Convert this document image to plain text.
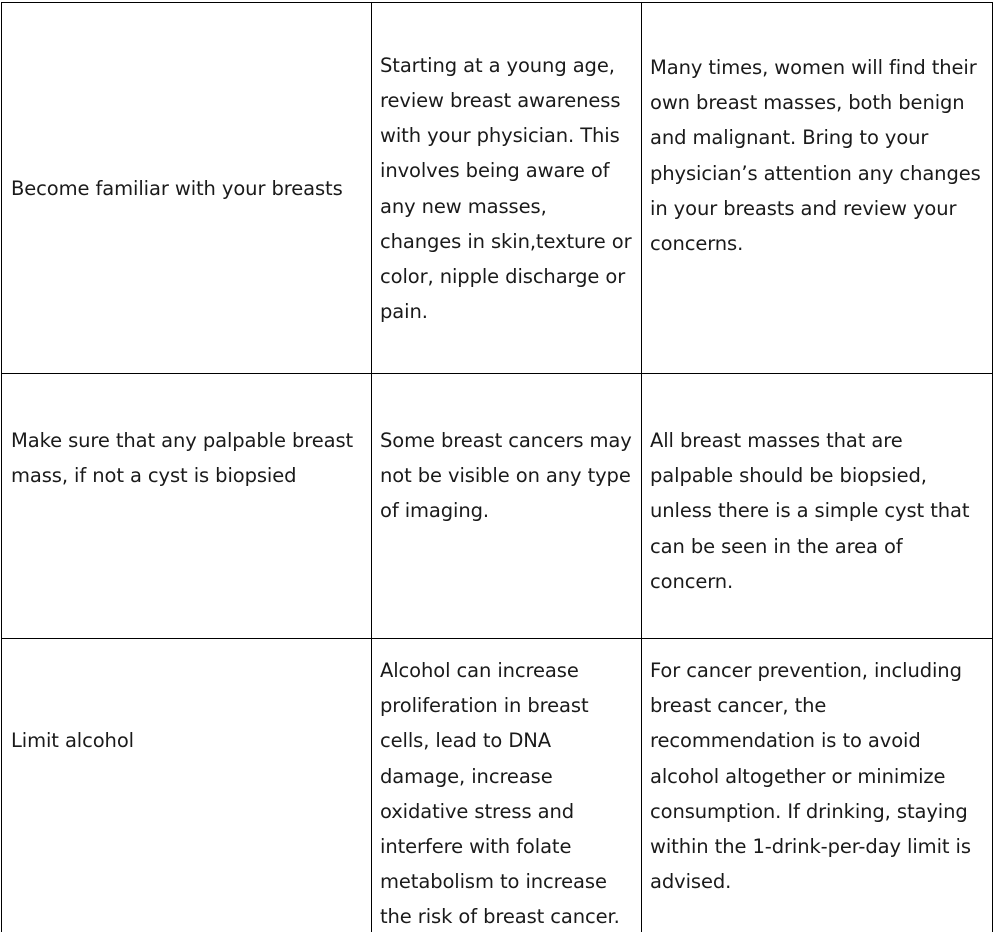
Become familiar with your breasts
Starting at a young age, review breast awareness with your physician. This involves being aware of any new masses, changes in skin,texture or color, nipple discharge or pain.
Many times, women will find their own breast masses, both benign and malignant. Bring to your physician’s attention any changes in your breasts and review your concerns.
Make sure that any palpable breast mass, if not a cyst is biopsied
Some breast cancers may not be visible on any type of imaging.
All breast masses that are palpable should be biopsied, unless there is a simple cyst that can be seen in the area of concern.
Limit alcohol
Alcohol can increase proliferation in breast cells, lead to DNA damage, increase oxidative stress and interfere with folate metabolism to increase the risk of breast cancer.
For cancer prevention, including breast cancer, the recommendation is to avoid alcohol altogether or minimize consumption. If drinking, staying within the 1-drink-per-day limit is advised.
